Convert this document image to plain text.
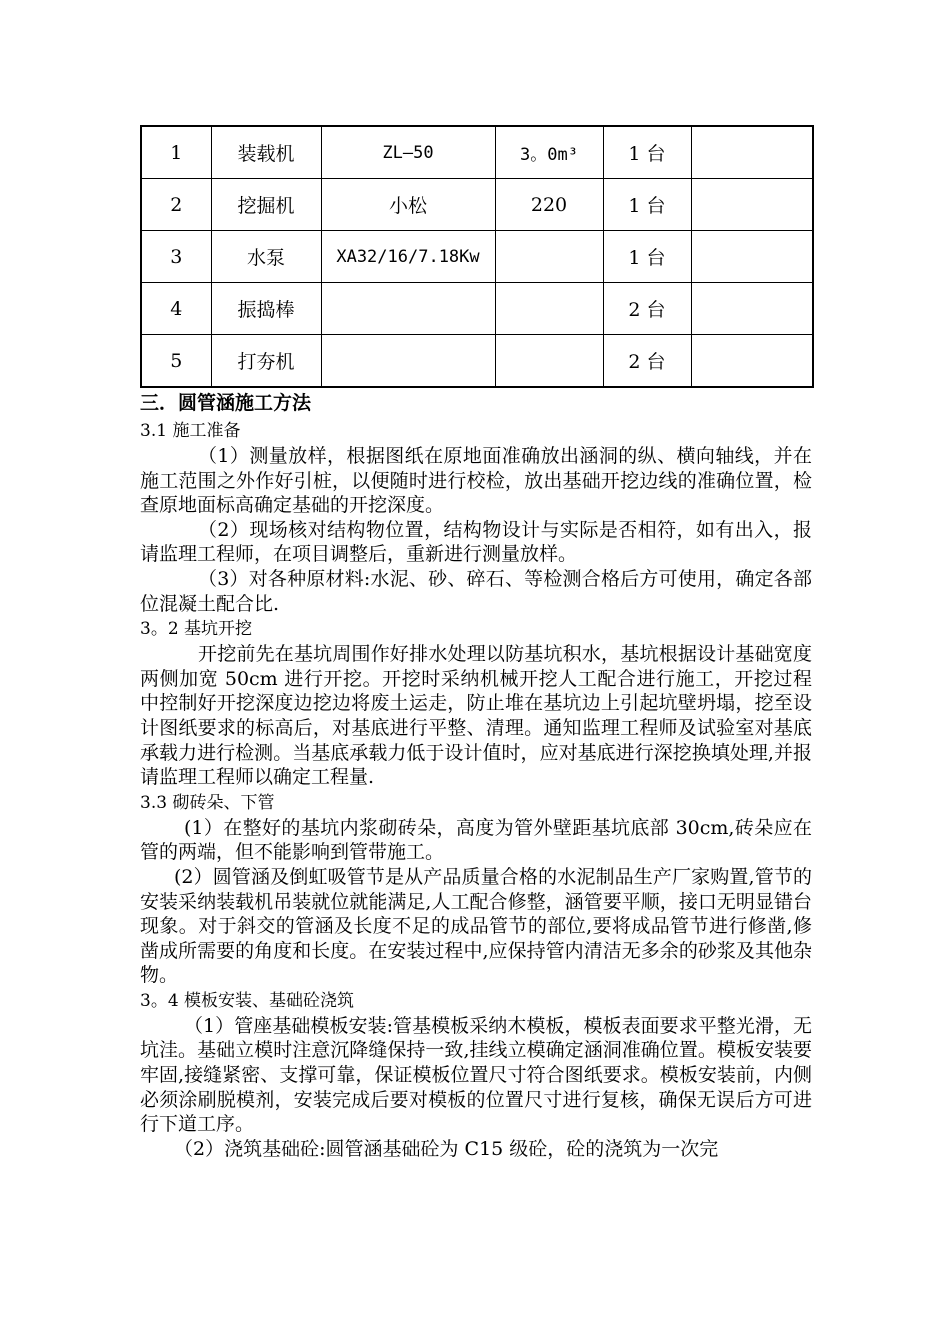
1	装载机	ZL—50	3。0m³	1 台	
2	挖掘机	小松	220	1 台	
3	水泵	XA32/16/7.18Kw		1 台	
4	振捣棒			2 台	
5	打夯机			2 台	
三．圆管涵施工方法
3.1 施工准备

（1）测量放样，根据图纸在原地面准确放出涵洞的纵、横向轴线，并在施工范围之外作好引桩，以便随时进行校检，放出基础开挖边线的准确位置，检查原地面标高确定基础的开挖深度。

（2）现场核对结构物位置，结构物设计与实际是否相符，如有出入，报请监理工程师，在项目调整后，重新进行测量放样。

（3）对各种原材料:水泥、砂、碎石、等检测合格后方可使用，确定各部位混凝土配合比.

3。2 基坑开挖

开挖前先在基坑周围作好排水处理以防基坑积水，基坑根据设计基础宽度两侧加宽 50cm 进行开挖。开挖时采纳机械开挖人工配合进行施工，开挖过程中控制好开挖深度边挖边将废土运走，防止堆在基坑边上引起坑壁坍塌，挖至设计图纸要求的标高后，对基底进行平整、清理。通知监理工程师及试验室对基底承载力进行检测。当基底承载力低于设计值时，应对基底进行深挖换填处理,并报请监理工程师以确定工程量.

3.3 砌砖朵、下管

(1）在整好的基坑内浆砌砖朵，高度为管外壁距基坑底部 30cm,砖朵应在管的两端，但不能影响到管带施工。

(2）圆管涵及倒虹吸管节是从产品质量合格的水泥制品生产厂家购置,管节的安装采纳装载机吊装就位就能满足,人工配合修整，涵管要平顺，接口无明显错台现象。对于斜交的管涵及长度不足的成品管节的部位,要将成品管节进行修凿,修凿成所需要的角度和长度。在安装过程中,应保持管内清洁无多余的砂浆及其他杂物。

3。4 模板安装、基础砼浇筑

（1）管座基础模板安装:管基模板采纳木模板，模板表面要求平整光滑，无坑洼。基础立模时注意沉降缝保持一致,挂线立模确定涵洞准确位置。模板安装要牢固,接缝紧密、支撑可靠，保证模板位置尺寸符合图纸要求。模板安装前，内侧必须涂刷脱模剂，安装完成后要对模板的位置尺寸进行复核，确保无误后方可进行下道工序。

（2）浇筑基础砼:圆管涵基础砼为 C15 级砼，砼的浇筑为一次完
